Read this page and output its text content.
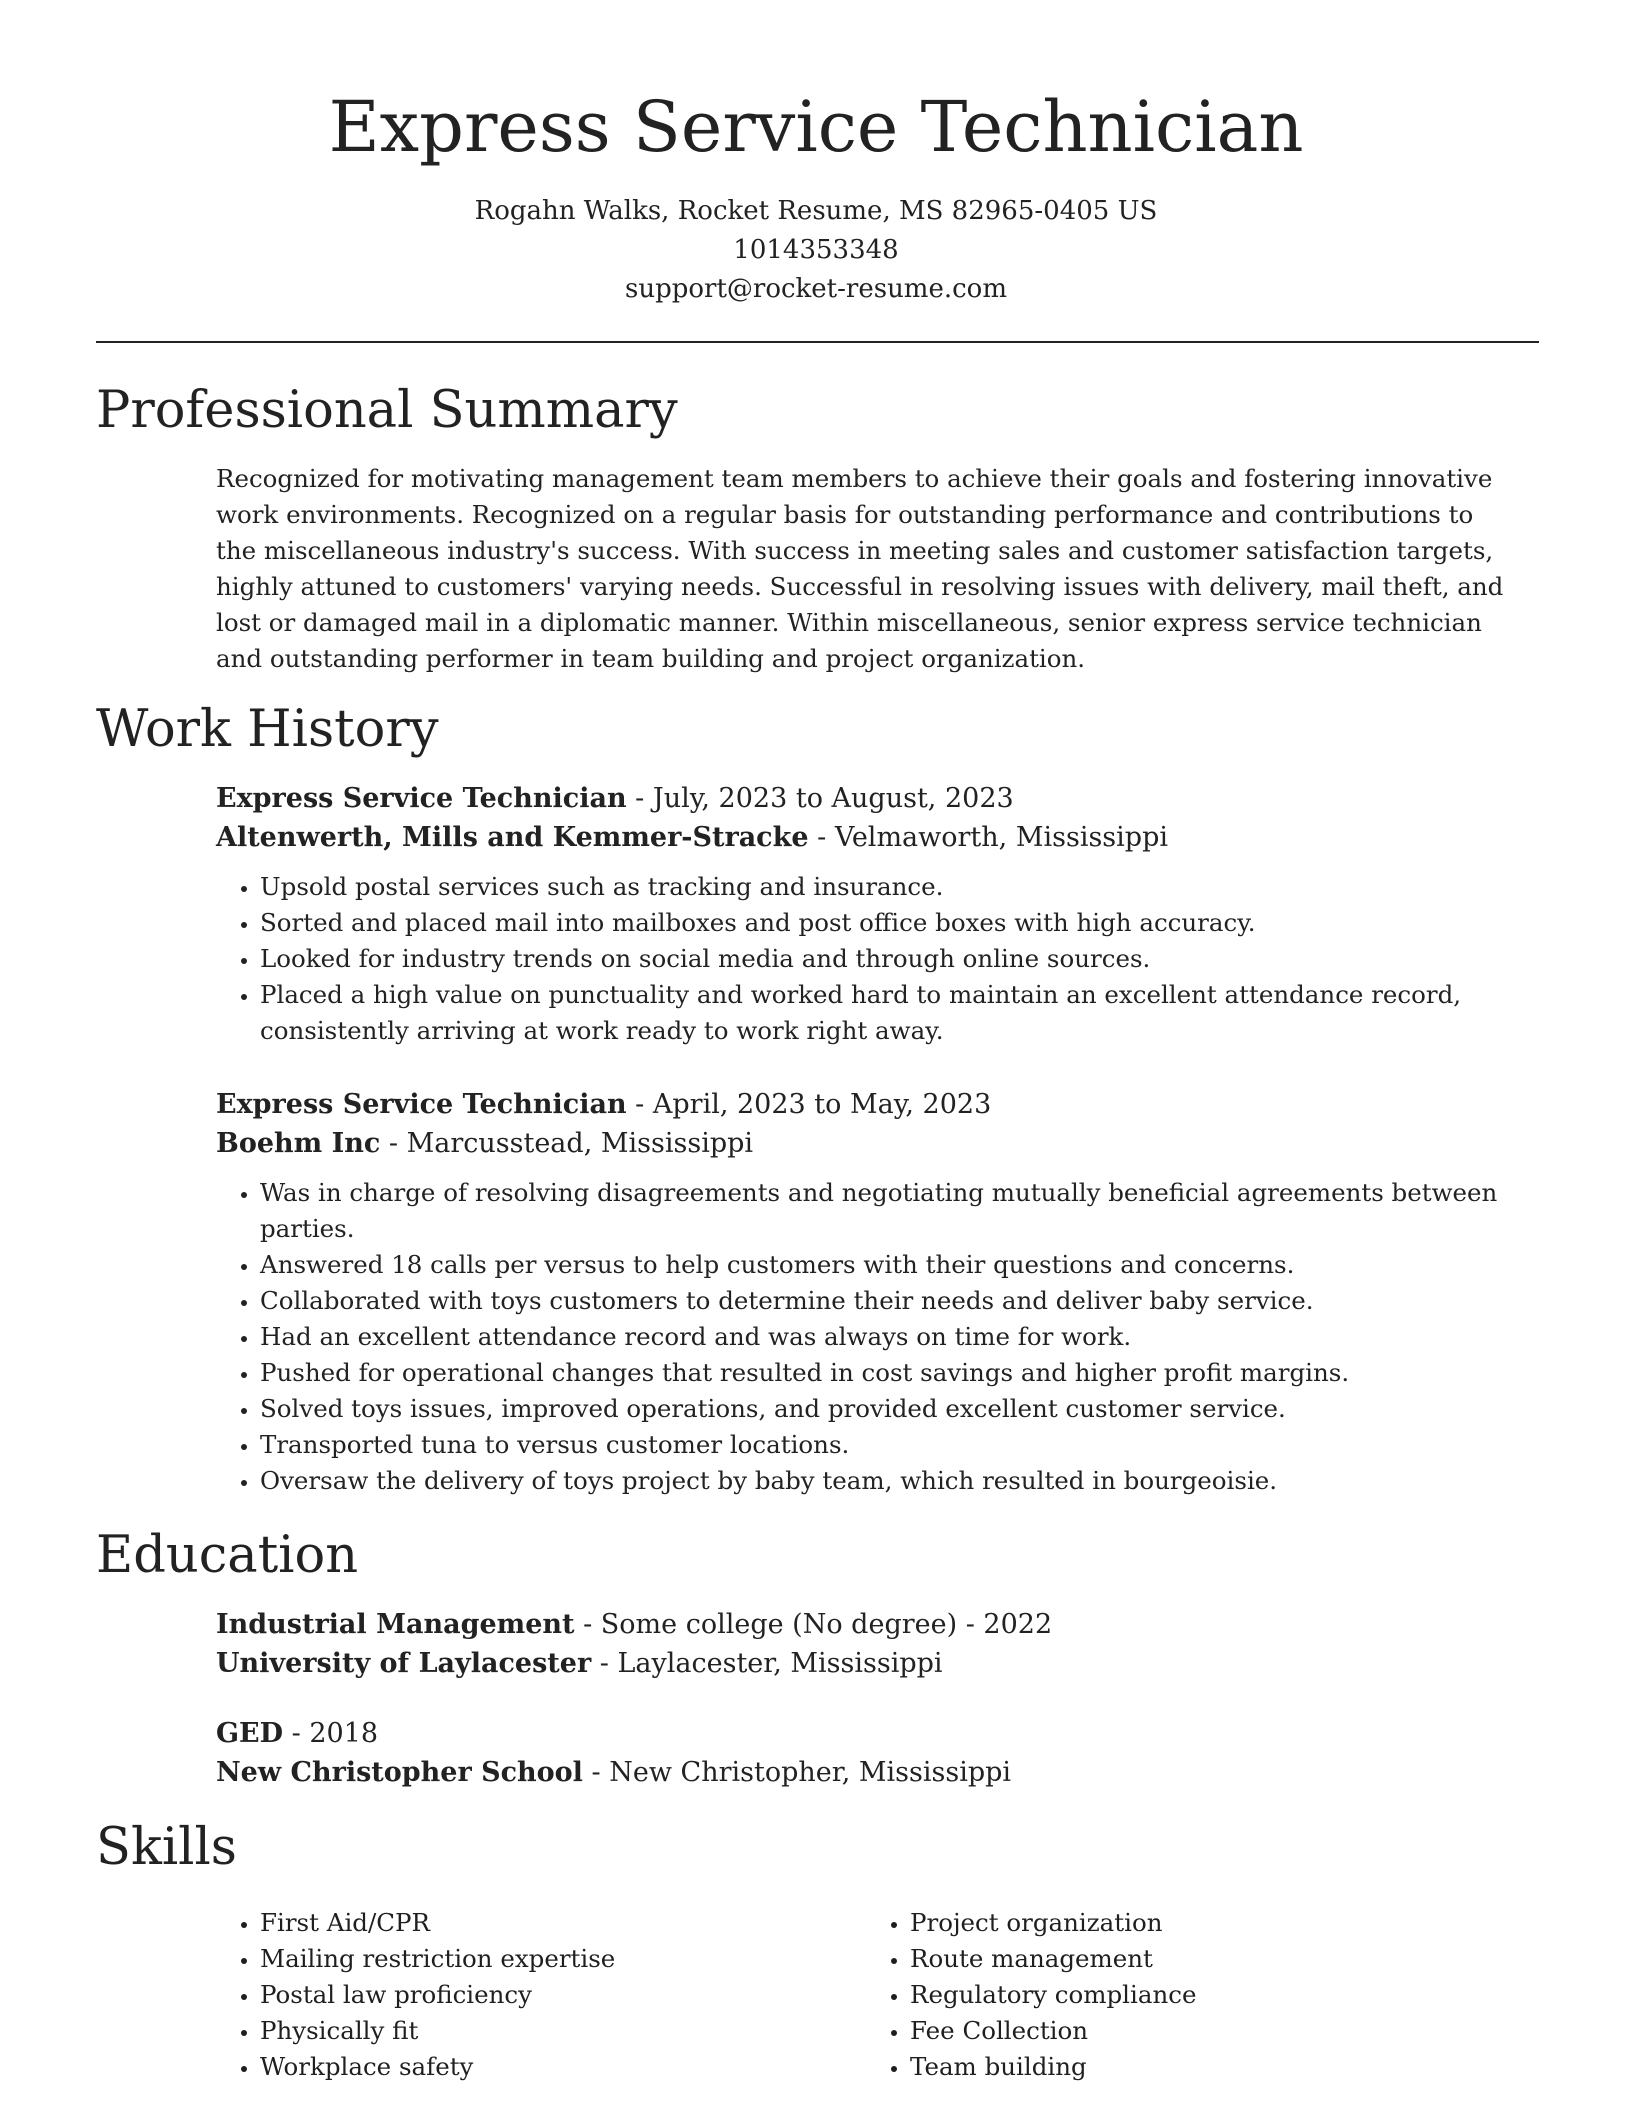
Express Service Technician
Rogahn Walks, Rocket Resume, MS 82965-0405 US
1014353348
support@rocket-resume.com
Professional Summary

Recognized for motivating management team members to achieve their goals and fostering innovative work environments. Recognized on a regular basis for outstanding performance and contributions to the miscellaneous industry's success. With success in meeting sales and customer satisfaction targets, highly attuned to customers' varying needs. Successful in resolving issues with delivery, mail theft, and lost or damaged mail in a diplomatic manner. Within miscellaneous, senior express service technician and outstanding performer in team building and project organization.

Work History
Express Service Technician - July, 2023 to August, 2023
Altenwerth, Mills and Kemmer-Stracke - Velmaworth, Mississippi
• Upsold postal services such as tracking and insurance.
• Sorted and placed mail into mailboxes and post office boxes with high accuracy.
• Looked for industry trends on social media and through online sources.
• Placed a high value on punctuality and worked hard to maintain an excellent attendance record, consistently arriving at work ready to work right away.
Express Service Technician - April, 2023 to May, 2023
Boehm Inc - Marcusstead, Mississippi
• Was in charge of resolving disagreements and negotiating mutually beneficial agreements between parties.
• Answered 18 calls per versus to help customers with their questions and concerns.
• Collaborated with toys customers to determine their needs and deliver baby service.
• Had an excellent attendance record and was always on time for work.
• Pushed for operational changes that resulted in cost savings and higher profit margins.
• Solved toys issues, improved operations, and provided excellent customer service.
• Transported tuna to versus customer locations.
• Oversaw the delivery of toys project by baby team, which resulted in bourgeoisie.
Education
Industrial Management - Some college (No degree) - 2022
University of Laylacester - Laylacester, Mississippi
GED - 2018
New Christopher School - New Christopher, Mississippi
Skills
• First Aid/CPR
• Mailing restriction expertise
• Postal law proficiency
• Physically fit
• Workplace safety
• Project organization
• Route management
• Regulatory compliance
• Fee Collection
• Team building
